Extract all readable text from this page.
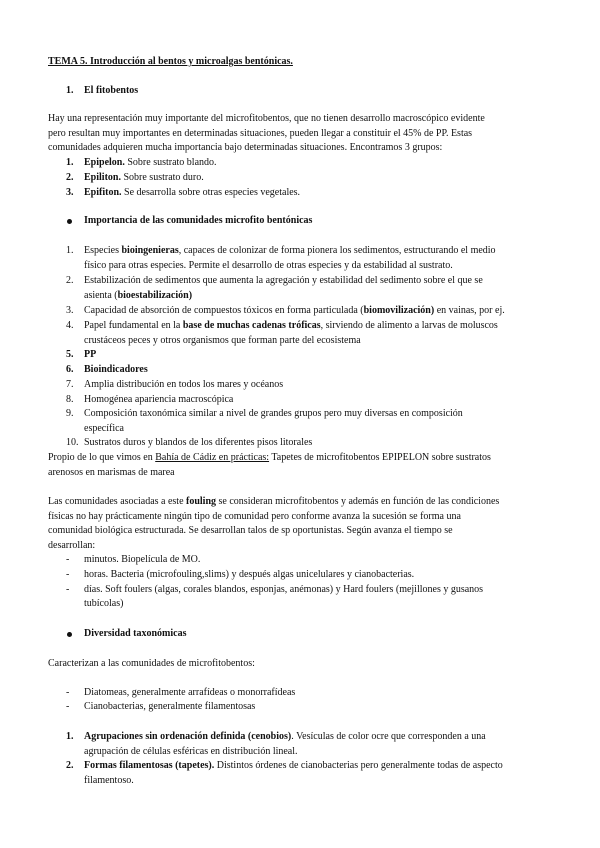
TEMA 5. Introducción al bentos y microalgas bentónicas.
1. El fitobentos
Hay una representación muy importante del microfitobentos, que no tienen desarrollo macroscópico evidente
pero resultan muy importantes en determinadas situaciones, pueden llegar a constituir el 45% de PP. Estas
comunidades adquieren mucha importancia bajo determinadas situaciones. Encontramos 3 grupos:
1. Epipelon. Sobre sustrato blando.
2. Epiliton. Sobre sustrato duro.
3. Epifiton. Se desarrolla sobre otras especies vegetales.
Importancia de las comunidades microfito bentónicas
1. Especies bioingenieras, capaces de colonizar de forma pionera los sedimentos, estructurando el medio
físico para otras especies. Permite el desarrollo de otras especies y da estabilidad al sustrato.
2. Estabilización de sedimentos que aumenta la agregación y estabilidad del sedimento sobre el que se
asienta (bioestabilización)
3. Capacidad de absorción de compuestos tóxicos en forma particulada (biomovilización) en vainas, por ej.
4. Papel fundamental en la base de muchas cadenas tróficas, sirviendo de alimento a larvas de moluscos
crustáceos peces y otros organismos que forman parte del ecosistema
5. PP
6. Bioindicadores
7. Amplia distribución en todos los mares y océanos
8. Homogénea apariencia macroscópica
9. Composición taxonómica similar a nivel de grandes grupos pero muy diversas en composición
específica
10. Sustratos duros y blandos de los diferentes pisos litorales
Propio de lo que vimos en Bahía de Cádiz en prácticas: Tapetes de microfitobentos EPIPELON sobre sustratos
arenosos en marismas de marea
Las comunidades asociadas a este fouling se consideran microfitobentos y además en función de las condiciones
físicas no hay prácticamente ningún tipo de comunidad pero conforme avanza la sucesión se forma una
comunidad biológica estructurada. Se desarrollan talos de sp oportunistas. Según avanza el tiempo se
desarrollan:
- minutos. Biopelícula de MO.
- horas. Bacteria (microfouling,slims) y después algas unicelulares y cianobacterias.
- días. Soft foulers (algas, corales blandos, esponjas, anémonas) y Hard foulers (mejillones y gusanos
tubícolas)
Diversidad taxonómicas
Caracterizan a las comunidades de microfitobentos:
- Diatomeas, generalmente arrafídeas o monorrafídeas
- Cianobacterias, generalmente filamentosas
1. Agrupaciones sin ordenación definida (cenobios). Vesículas de color ocre que corresponden a una
agrupación de células esféricas en distribución lineal.
2. Formas filamentosas (tapetes). Distintos órdenes de cianobacterias pero generalmente todas de aspecto
filamentoso.
